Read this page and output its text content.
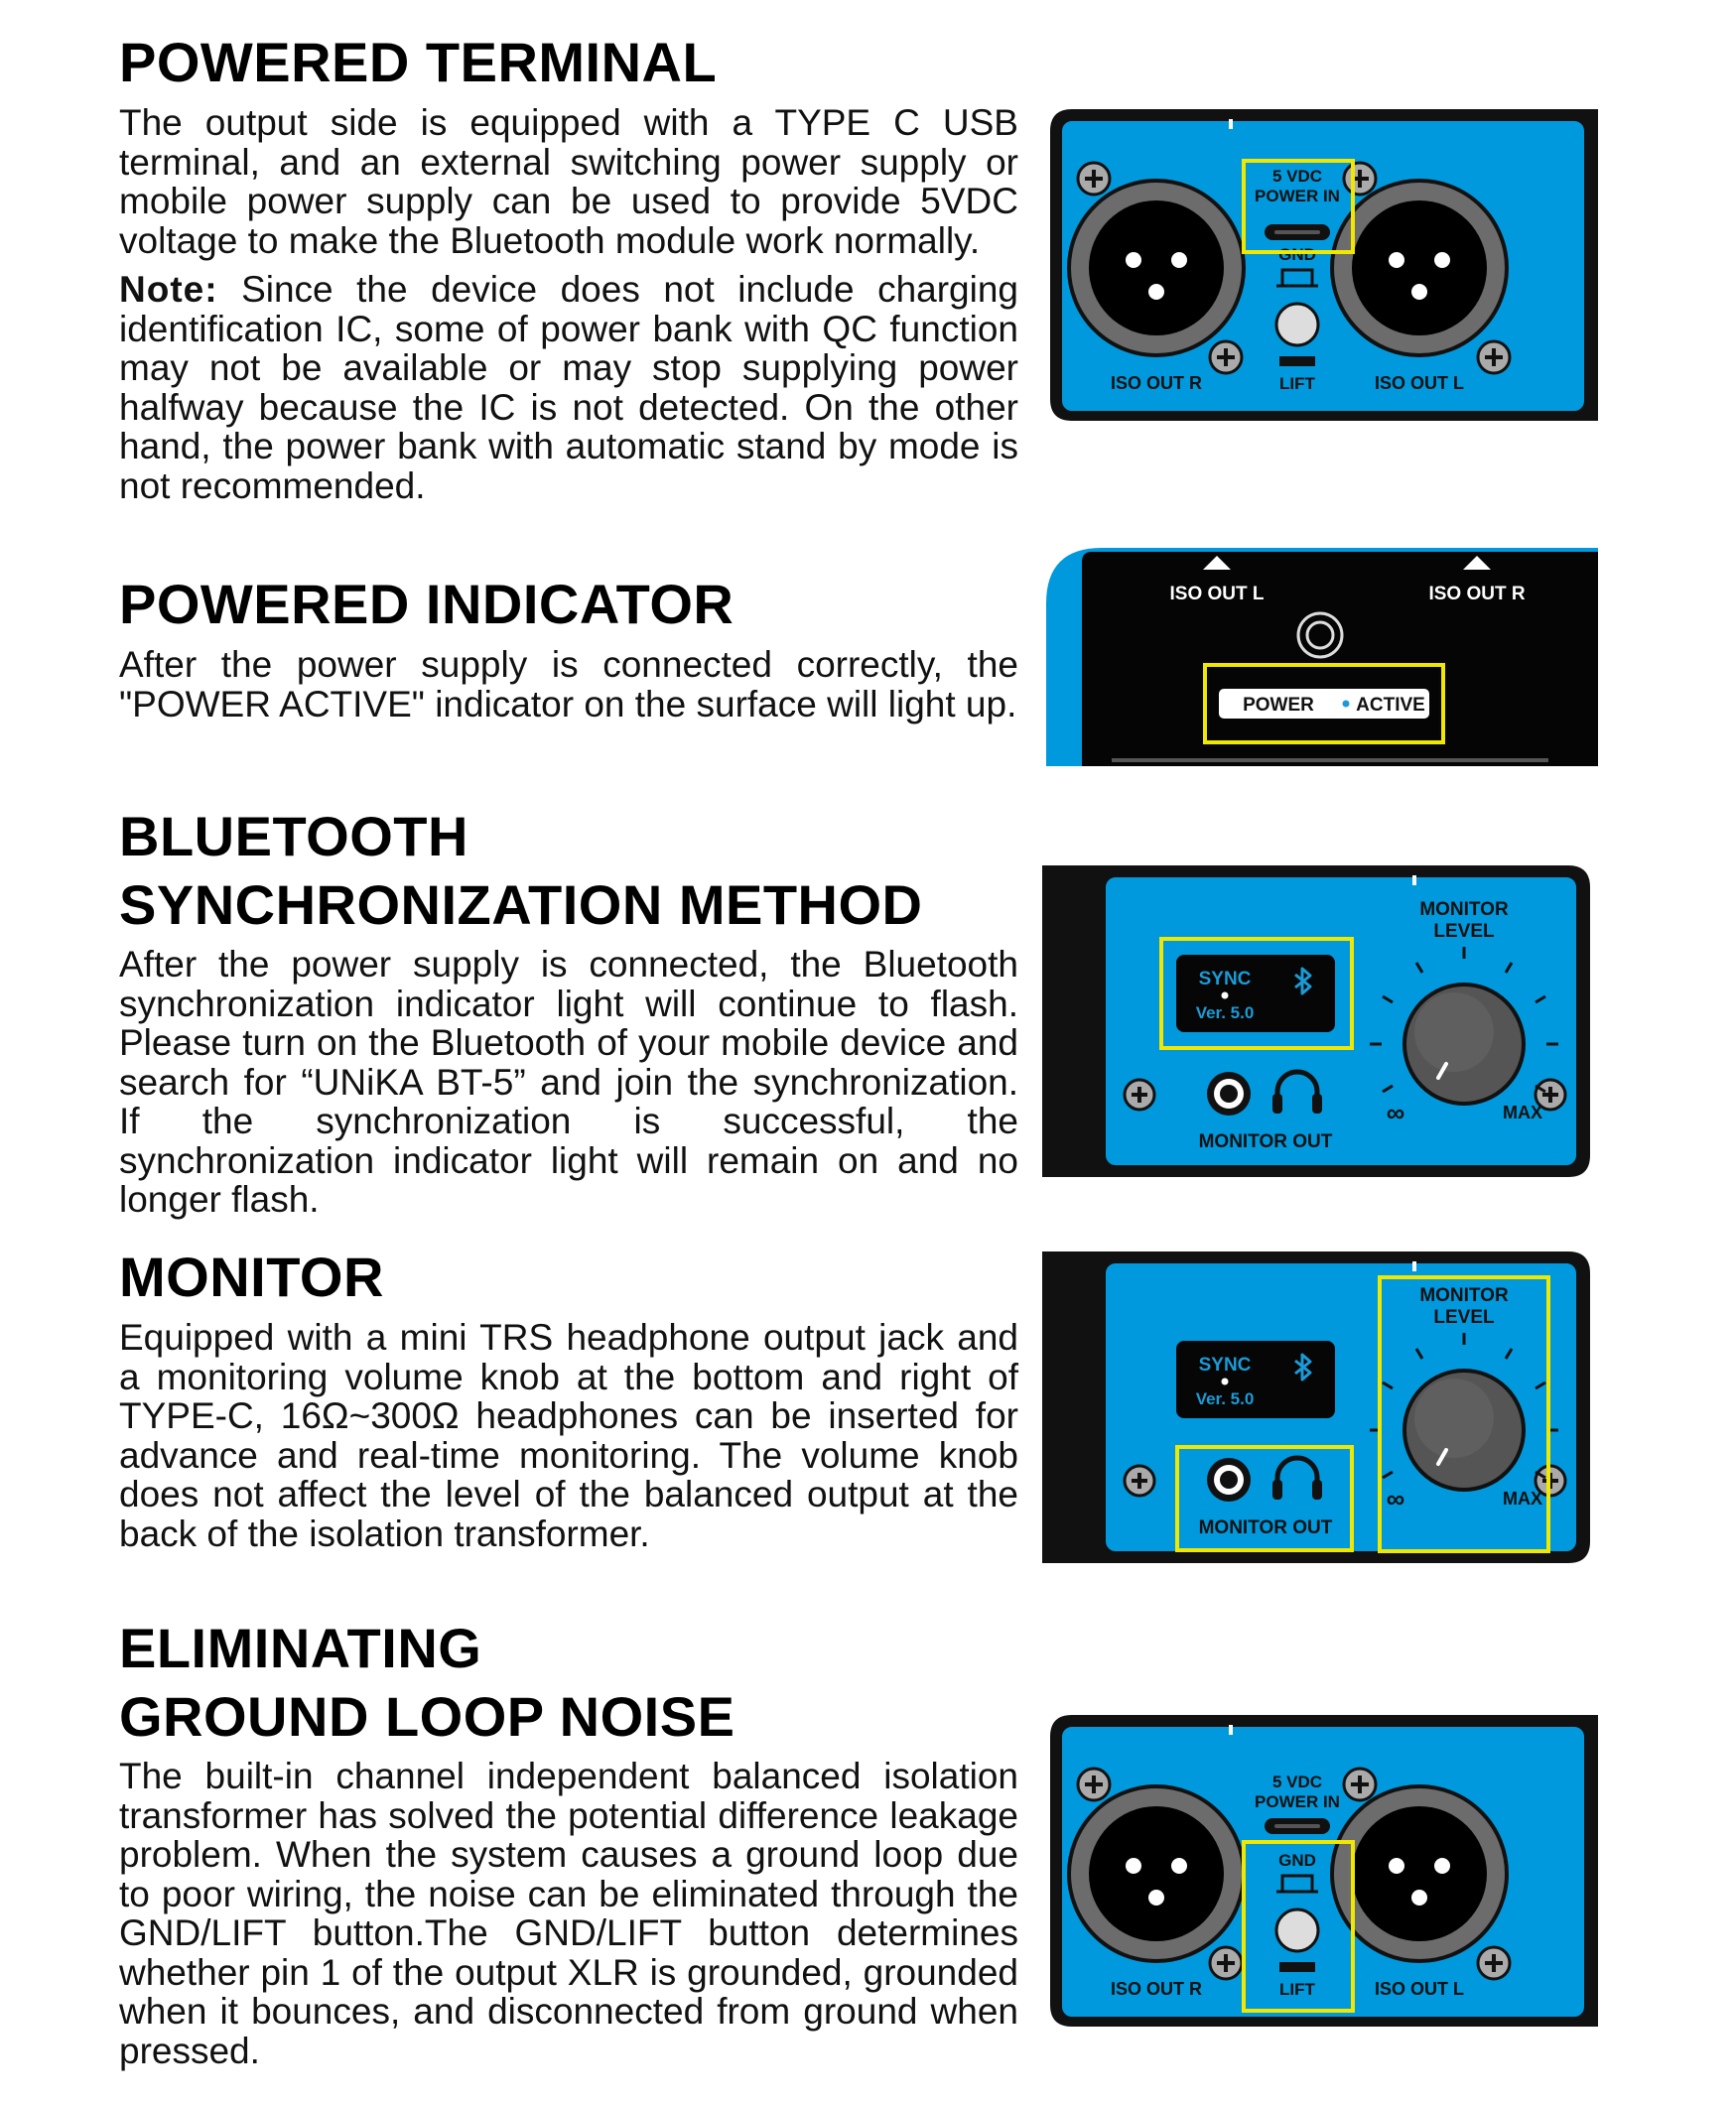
POWERED TERMINAL

The output side is equipped with a TYPE C USB terminal, and an external switching power supply or mobile power supply can be used to provide 5VDC voltage to make the Bluetooth module work normally.

Note: Since the device does not include charging identification IC, some of power bank with QC function may not be available or may stop supplying power halfway because the IC is not detected. On the other hand, the power bank with automatic stand by mode is not recommended.

5 VDC
POWER IN
GND
LIFT
ISO OUT R	ISO OUT L
POWERED INDICATOR

After the power supply is connected correctly, the "POWER ACTIVE" indicator on the surface will light up.

ISO OUT L	ISO OUT R
POWER ACTIVE
BLUETOOTH
SYNCHRONIZATION METHOD

After the power supply is connected, the Bluetooth synchronization indicator light will continue to flash. Please turn on the Bluetooth of your mobile device and search for “UNiKA BT-5” and join the synchronization. If the synchronization is successful, the synchronization indicator light will remain on and no longer flash.

SYNC
Ver. 5.0
MONITOR OUT
MONITOR
LEVEL
∞	MAX
MONITOR

Equipped with a mini TRS headphone output jack and a monitoring volume knob at the bottom and right of TYPE-C, 16Ω~300Ω headphones can be inserted for advance and real-time monitoring. The volume knob does not affect the level of the balanced output at the back of the isolation transformer.

SYNC
Ver. 5.0
MONITOR OUT
MONITOR
LEVEL
∞	MAX
ELIMINATING
GROUND LOOP NOISE

The built-in channel independent balanced isolation transformer has solved the potential difference leakage problem. When the system causes a ground loop due to poor wiring, the noise can be eliminated through the GND/LIFT button.The GND/LIFT button determines whether pin 1 of the output XLR is grounded, grounded when it bounces, and disconnected from ground when pressed.

5 VDC
POWER IN
GND
LIFT
ISO OUT R	ISO OUT L
